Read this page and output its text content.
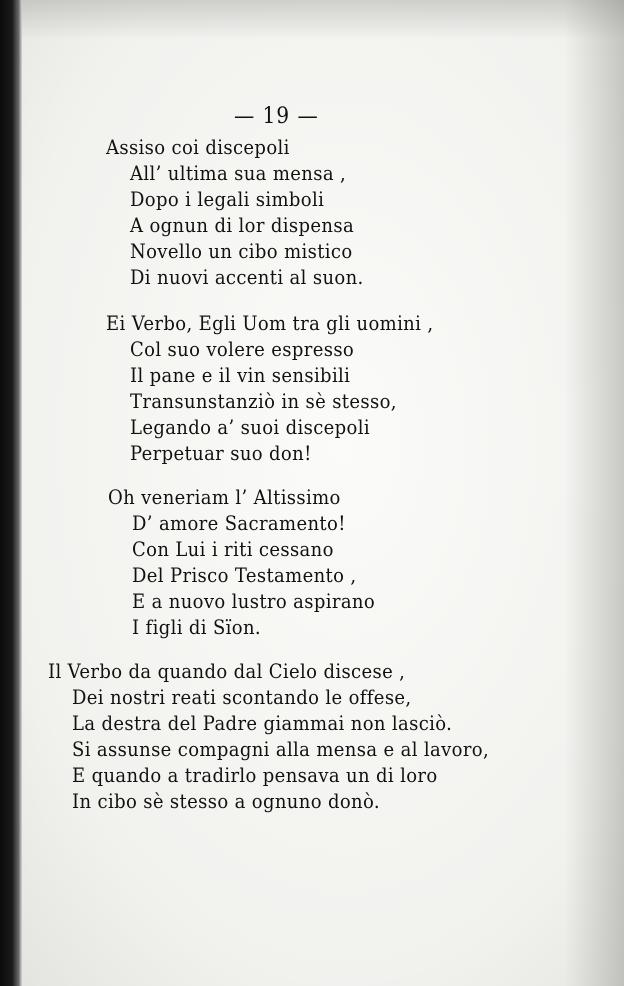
— 19 —
Assiso coi discepoli
All’ ultima sua mensa ,
Dopo i legali simboli
A ognun di lor dispensa
Novello un cibo mistico
Di nuovi accenti al suon.
Ei Verbo, Egli Uom tra gli uomini ,
Col suo volere espresso
Il pane e il vin sensibili
Transunstanziò in sè stesso,
Legando a’ suoi discepoli
Perpetuar suo don!
Oh veneriam l’ Altissimo
D’ amore Sacramento!
Con Lui i riti cessano
Del Prisco Testamento ,
E a nuovo lustro aspirano
I figli di Sïon.
Il Verbo da quando dal Cielo discese ,
Dei nostri reati scontando le offese,
La destra del Padre giammai non lasciò.
Si assunse compagni alla mensa e al lavoro,
E quando a tradirlo pensava un di loro
In cibo sè stesso a ognuno donò.
